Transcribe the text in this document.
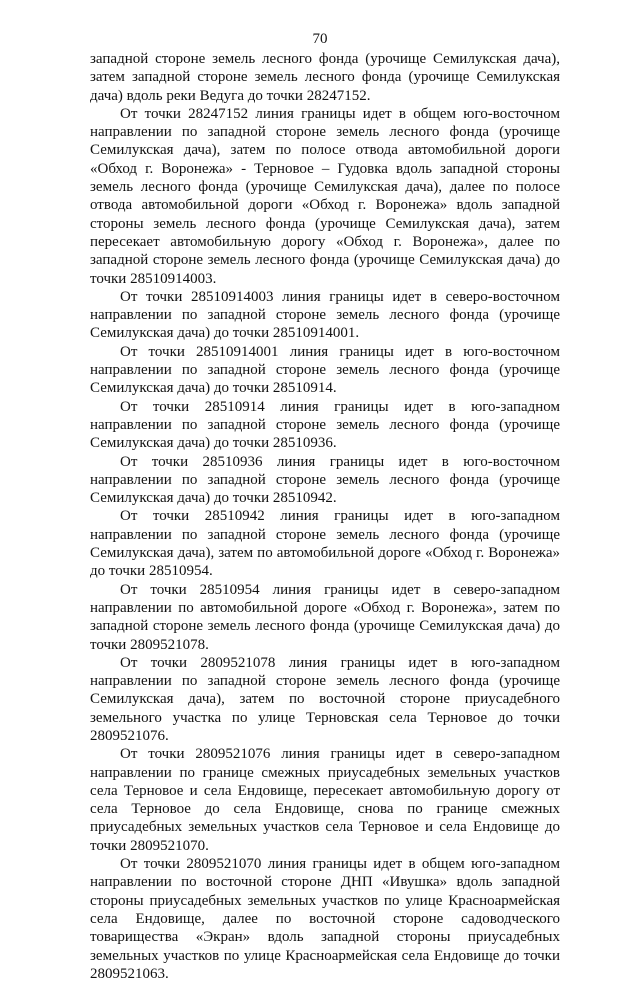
70

западной стороне земель лесного фонда (урочище Семилукская дача), затем западной стороне земель лесного фонда (урочище Семилукская дача) вдоль реки Ведуга до точки 28247152.

От точки 28247152 линия границы идет в общем юго-восточном направлении по западной стороне земель лесного фонда (урочище Семилукская дача), затем по полосе отвода автомобильной дороги «Обход г. Воронежа» - Терновое – Гудовка вдоль западной стороны земель лесного фонда (урочище Семилукская дача), далее по полосе отвода автомобильной дороги «Обход г. Воронежа» вдоль западной стороны земель лесного фонда (урочище Семилукская дача), затем пересекает автомобильную дорогу «Обход г. Воронежа», далее по западной стороне земель лесного фонда (урочище Семилукская дача) до точки 28510914003.

От точки 28510914003 линия границы идет в северо-восточном направлении по западной стороне земель лесного фонда (урочище Семилукская дача) до точки 28510914001.

От точки 28510914001 линия границы идет в юго-восточном направлении по западной стороне земель лесного фонда (урочище Семилукская дача) до точки 28510914.

От точки 28510914 линия границы идет в юго-западном направлении по западной стороне земель лесного фонда (урочище Семилукская дача) до точки 28510936.

От точки 28510936 линия границы идет в юго-восточном направлении по западной стороне земель лесного фонда (урочище Семилукская дача) до точки 28510942.

От точки 28510942 линия границы идет в юго-западном направлении по западной стороне земель лесного фонда (урочище Семилукская дача), затем по автомобильной дороге «Обход г. Воронежа» до точки 28510954.

От точки 28510954 линия границы идет в северо-западном направлении по автомобильной дороге «Обход г. Воронежа», затем по западной стороне земель лесного фонда (урочище Семилукская дача) до точки 2809521078.

От точки 2809521078 линия границы идет в юго-западном направлении по западной стороне земель лесного фонда (урочище Семилукская дача), затем по восточной стороне приусадебного земельного участка по улице Терновская села Терновое до точки 2809521076.

От точки 2809521076 линия границы идет в северо-западном направлении по границе смежных приусадебных земельных участков села Терновое и села Ендовище, пересекает автомобильную дорогу от села Терновое до села Ендовище, снова по границе смежных приусадебных земельных участков села Терновое и села Ендовище до точки 2809521070.

От точки 2809521070 линия границы идет в общем юго-западном направлении по восточной стороне ДНП «Ивушка» вдоль западной стороны приусадебных земельных участков по улице Красноармейская села Ендовище, далее по восточной стороне садоводческого товарищества «Экран» вдоль западной стороны приусадебных земельных участков по улице Красноармейская села Ендовище до точки 2809521063.
